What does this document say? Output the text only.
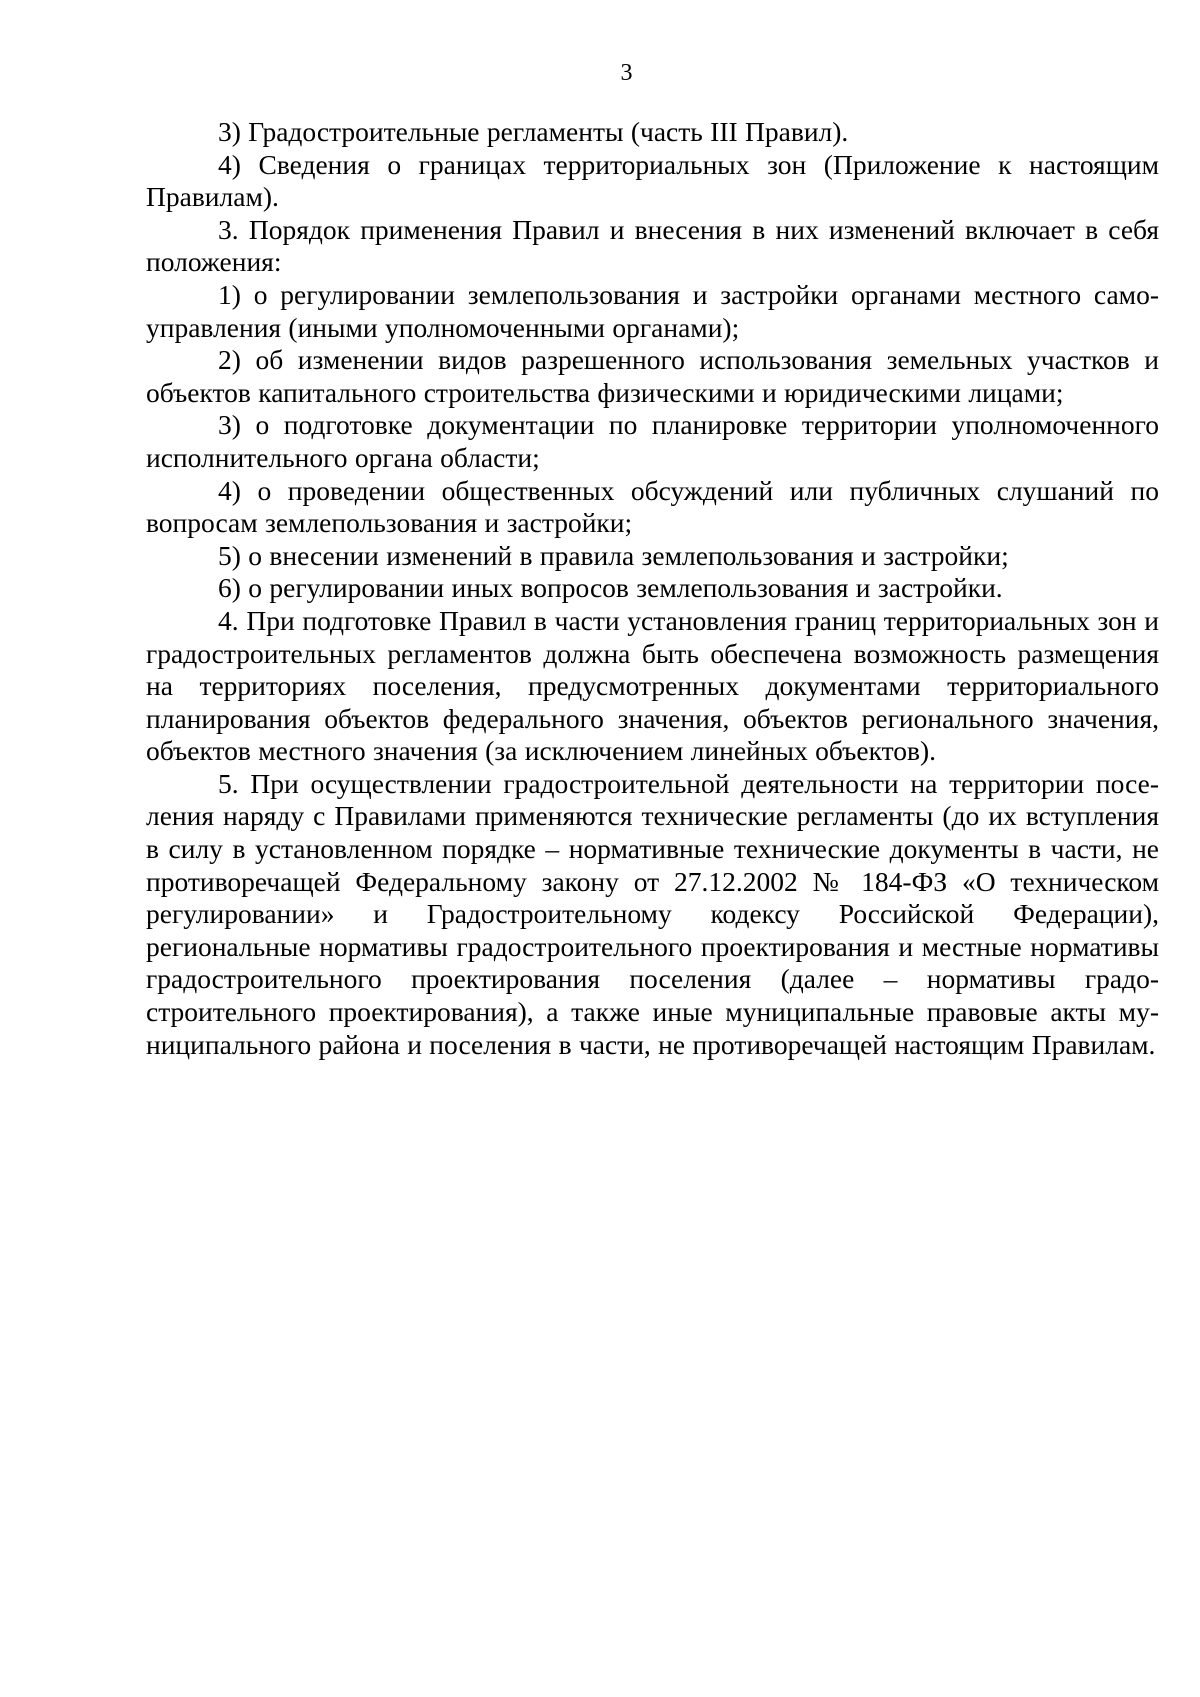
3

3) Градостроительные регламенты (часть III Правил).

4) Сведения о границах территориальных зон (Приложение к настоящим Правилам).

3. Порядок применения Правил и внесения в них изменений включает в себя положения:

1) о регулировании землепользования и застройки органами местного самоуправления (иными уполномоченными органами);

2) об изменении видов разрешенного использования земельных участков и объектов капитального строительства физическими и юридическими лицами;

3) о подготовке документации по планировке территории уполномоченного исполнительного органа области;

4) о проведении общественных обсуждений или публичных слушаний по вопросам землепользования и застройки;

5) о внесении изменений в правила землепользования и застройки;

6) о регулировании иных вопросов землепользования и застройки.

4. При подготовке Правил в части установления границ территориальных зон и градостроительных регламентов должна быть обеспечена возможность размещения на территориях поселения, предусмотренных документами территориального планирования объектов федерального значения, объектов регионального значения, объектов местного значения (за исключением линейных объектов).

5. При осуществлении градостроительной деятельности на территории поселения наряду с Правилами применяются технические регламенты (до их вступления в силу в установленном порядке – нормативные технические документы в части, не противоречащей Федеральному закону от 27.12.2002 № 184-ФЗ «О техническом регулировании» и Градостроительному кодексу Российской Федерации), региональные нормативы градостроительного проектирования и местные нормативы градостроительного проектирования поселения (далее – нормативы градостроительного проектирования), а также иные муниципальные правовые акты муниципального района и поселения в части, не противоречащей настоящим Правилам.
